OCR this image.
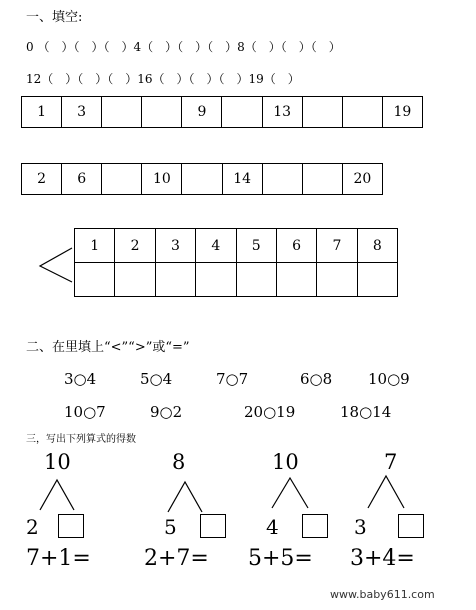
一、填空:
0 （　）（　）（　）4（　）（　）（　）8（　）（　）（　）
12（　）（　）（　）16（　）（　）（　）19（　）
1	3			9		13			19
2	6		10		14			20
1	2	3	4	5	6	7	8

二、在里填上“<”“>”或“=”
3○4	5○4	7○7	6○8 10○9
10○7	9○2	20○19	18○14
三，写出下列算式的得数
10
2
7+1=
8
5
2+7=
10
4
5+5=
7
3
3+4=
www.baby611.com
